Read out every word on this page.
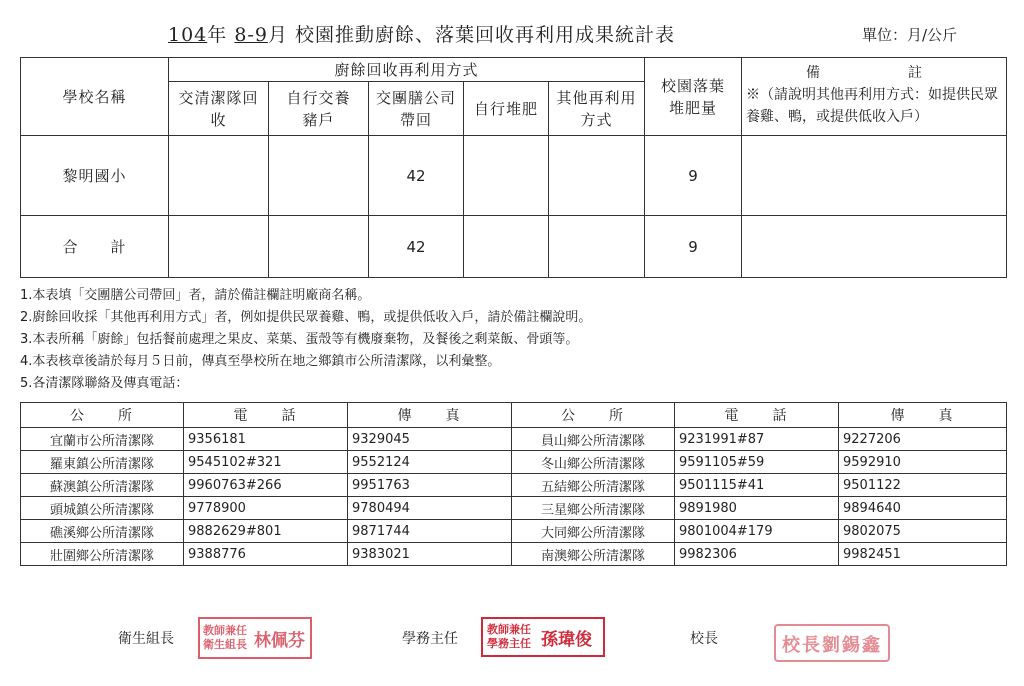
104年 8-9月 校園推動廚餘、落葉回收再利用成果統計表	單位：月/公斤
學校名稱	廚餘回收再利用方式					校園落葉堆肥量	備　　註
※（請說明其他再利用方式：如提供民眾養雞、鴨，或提供低收入戶）
	交清潔隊回收	自行交養豬戶	交團膳公司帶回	自行堆肥	其他再利用方式		
黎明國小			42			9	
合　　計			42			9	
1.本表填「交團膳公司帶回」者，請於備註欄註明廠商名稱。
2.廚餘回收採「其他再利用方式」者，例如提供民眾養雞、鴨，或提供低收入戶，請於備註欄說明。
3.本表所稱「廚餘」包括餐前處理之果皮、菜葉、蛋殼等有機廢棄物，及餐後之剩菜飯、骨頭等。
4.本表核章後請於每月５日前，傳真至學校所在地之鄉鎮市公所清潔隊，以利彙整。
5.各清潔隊聯絡及傳真電話：
公　　所	電　　話	傳　　真	公　　所	電　　話	傳　　真
宜蘭市公所清潔隊	9356181	9329045	員山鄉公所清潔隊	9231991#87	9227206
羅東鎮公所清潔隊	9545102#321	9552124	冬山鄉公所清潔隊	9591105#59	9592910
蘇澳鎮公所清潔隊	9960763#266	9951763	五結鄉公所清潔隊	9501115#41	9501122
頭城鎮公所清潔隊	9778900	9780494	三星鄉公所清潔隊	9891980	9894640
礁溪鄉公所清潔隊	9882629#801	9871744	大同鄉公所清潔隊	9801004#179	9802075
壯圍鄉公所清潔隊	9388776	9383021	南澳鄉公所清潔隊	9982306	9982451
衛生組長
教師兼任
衛生組長 林佩芬	學務主任
教師兼任
學務主任 孫瑋俊	校長	校長劉錫鑫
